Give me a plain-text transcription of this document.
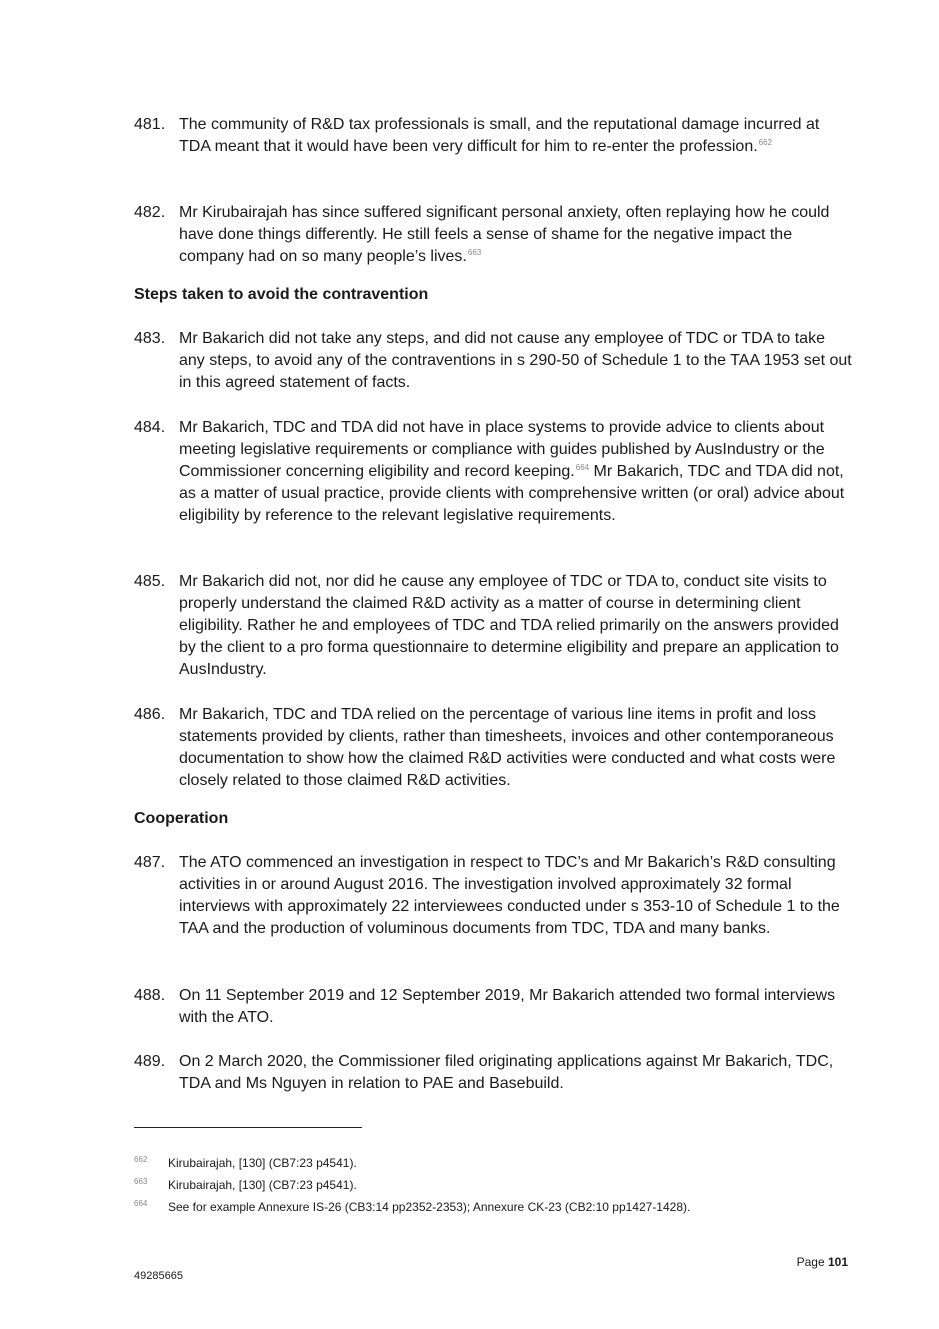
481. The community of R&D tax professionals is small, and the reputational damage incurred at TDA meant that it would have been very difficult for him to re-enter the profession.$^{662}$
482. Mr Kirubairajah has since suffered significant personal anxiety, often replaying how he could have done things differently. He still feels a sense of shame for the negative impact the company had on so many people’s lives.$^{663}$
Steps taken to avoid the contravention
483. Mr Bakarich did not take any steps, and did not cause any employee of TDC or TDA to take any steps, to avoid any of the contraventions in s 290-50 of Schedule 1 to the TAA 1953 set out in this agreed statement of facts.
484. Mr Bakarich, TDC and TDA did not have in place systems to provide advice to clients about meeting legislative requirements or compliance with guides published by AusIndustry or the Commissioner concerning eligibility and record keeping.$^{664}$ Mr Bakarich, TDC and TDA did not, as a matter of usual practice, provide clients with comprehensive written (or oral) advice about eligibility by reference to the relevant legislative requirements.
485. Mr Bakarich did not, nor did he cause any employee of TDC or TDA to, conduct site visits to properly understand the claimed R&D activity as a matter of course in determining client eligibility. Rather he and employees of TDC and TDA relied primarily on the answers provided by the client to a pro forma questionnaire to determine eligibility and prepare an application to AusIndustry.
486. Mr Bakarich, TDC and TDA relied on the percentage of various line items in profit and loss statements provided by clients, rather than timesheets, invoices and other contemporaneous documentation to show how the claimed R&D activities were conducted and what costs were closely related to those claimed R&D activities.
Cooperation
487. The ATO commenced an investigation in respect to TDC’s and Mr Bakarich’s R&D consulting activities in or around August 2016. The investigation involved approximately 32 formal interviews with approximately 22 interviewees conducted under s 353-10 of Schedule 1 to the TAA and the production of voluminous documents from TDC, TDA and many banks.
488. On 11 September 2019 and 12 September 2019, Mr Bakarich attended two formal interviews with the ATO.
489. On 2 March 2020, the Commissioner filed originating applications against Mr Bakarich, TDC, TDA and Ms Nguyen in relation to PAE and Basebuild.
662 Kirubairajah, [130] (CB7:23 p4541).
663 Kirubairajah, [130] (CB7:23 p4541).
664 See for example Annexure IS-26 (CB3:14 pp2352-2353); Annexure CK-23 (CB2:10 pp1427-1428).
Page 101
49285665
